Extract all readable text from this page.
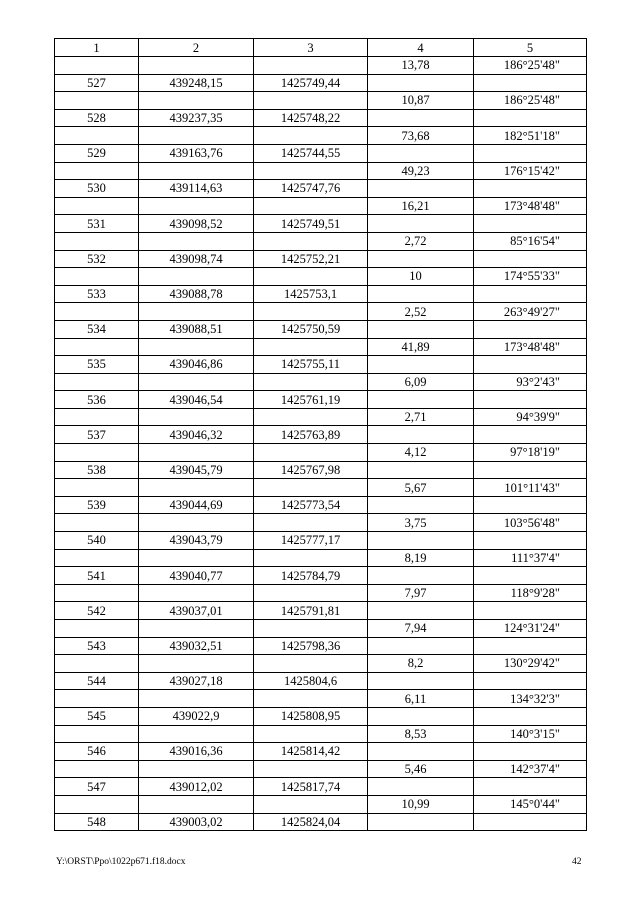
1	2	3	4	5
			13,78	186°25'48"
527	439248,15	1425749,44		
			10,87	186°25'48"
528	439237,35	1425748,22		
			73,68	182°51'18"
529	439163,76	1425744,55		
			49,23	176°15'42"
530	439114,63	1425747,76		
			16,21	173°48'48"
531	439098,52	1425749,51		
			2,72	85°16'54"
532	439098,74	1425752,21		
			10	174°55'33"
533	439088,78	1425753,1		
			2,52	263°49'27"
534	439088,51	1425750,59		
			41,89	173°48'48"
535	439046,86	1425755,11		
			6,09	93°2'43"
536	439046,54	1425761,19		
			2,71	94°39'9"
537	439046,32	1425763,89		
			4,12	97°18'19"
538	439045,79	1425767,98		
			5,67	101°11'43"
539	439044,69	1425773,54		
			3,75	103°56'48"
540	439043,79	1425777,17		
			8,19	111°37'4"
541	439040,77	1425784,79		
			7,97	118°9'28"
542	439037,01	1425791,81		
			7,94	124°31'24"
543	439032,51	1425798,36		
			8,2	130°29'42"
544	439027,18	1425804,6		
			6,11	134°32'3"
545	439022,9	1425808,95		
			8,53	140°3'15"
546	439016,36	1425814,42		
			5,46	142°37'4"
547	439012,02	1425817,74		
			10,99	145°0'44"
548	439003,02	1425824,04		
Y:\ORST\Ppo\1022p671.f18.docx	42
